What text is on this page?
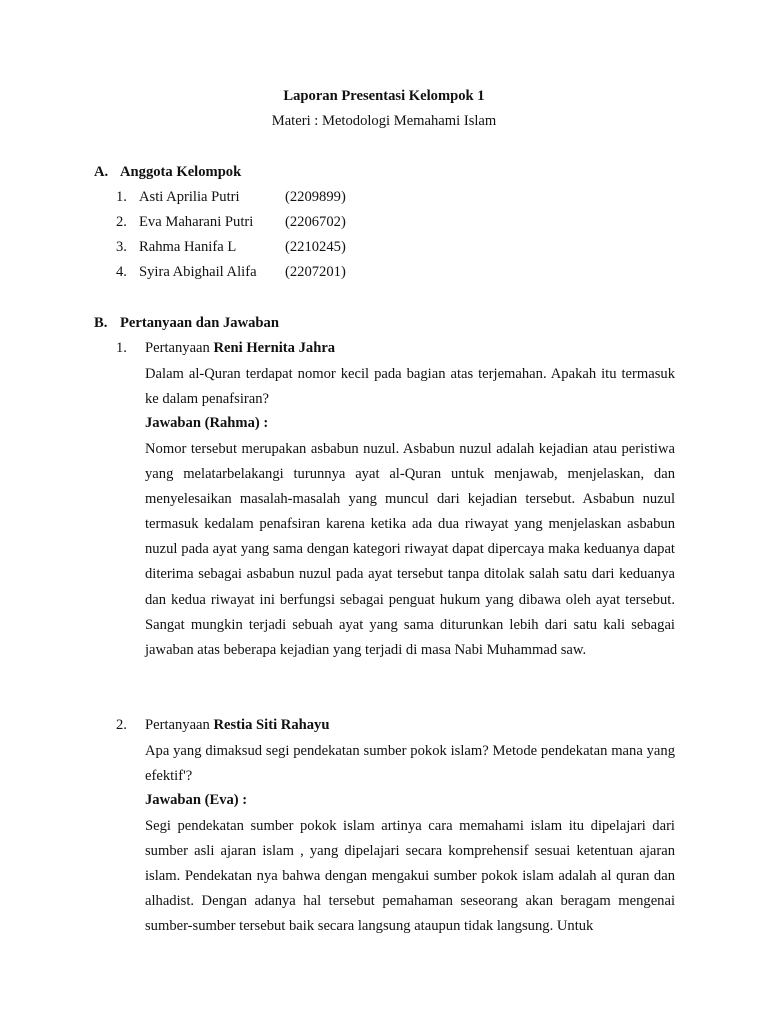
Laporan Presentasi Kelompok 1
Materi : Metodologi Memahami Islam
A. Anggota Kelompok
1. Asti Aprilia Putri	(2209899)
2. Eva Maharani Putri (2206702)
3. Rahma Hanifa L	(2210245)
4. Syira Abighail Alifa (2207201)
B. Pertanyaan dan Jawaban
1. Pertanyaan Reni Hernita Jahra
Dalam al-Quran terdapat nomor kecil pada bagian atas terjemahan. Apakah itu termasuk ke dalam penafsiran?
Jawaban (Rahma) :
Nomor tersebut merupakan asbabun nuzul. Asbabun nuzul adalah kejadian atau peristiwa yang melatarbelakangi turunnya ayat al-Quran untuk menjawab, menjelaskan, dan menyelesaikan masalah-masalah yang muncul dari kejadian tersebut. Asbabun nuzul termasuk kedalam penafsiran karena ketika ada dua riwayat yang menjelaskan asbabun nuzul pada ayat yang sama dengan kategori riwayat dapat dipercaya maka keduanya dapat diterima sebagai asbabun nuzul pada ayat tersebut tanpa ditolak salah satu dari keduanya dan kedua riwayat ini berfungsi sebagai penguat hukum yang dibawa oleh ayat tersebut. Sangat mungkin terjadi sebuah ayat yang sama diturunkan lebih dari satu kali sebagai jawaban atas beberapa kejadian yang terjadi di masa Nabi Muhammad saw.
2. Pertanyaan Restia Siti Rahayu
Apa yang dimaksud segi pendekatan sumber pokok islam? Metode pendekatan mana yang efektif'?
Jawaban (Eva) :
Segi pendekatan sumber pokok islam artinya cara memahami islam itu dipelajari dari sumber asli ajaran islam , yang dipelajari secara komprehensif sesuai ketentuan ajaran islam. Pendekatan nya bahwa dengan mengakui sumber pokok islam adalah al quran dan alhadist. Dengan adanya hal tersebut pemahaman seseorang akan beragam mengenai sumber-sumber tersebut baik secara langsung ataupun tidak langsung. Untuk
